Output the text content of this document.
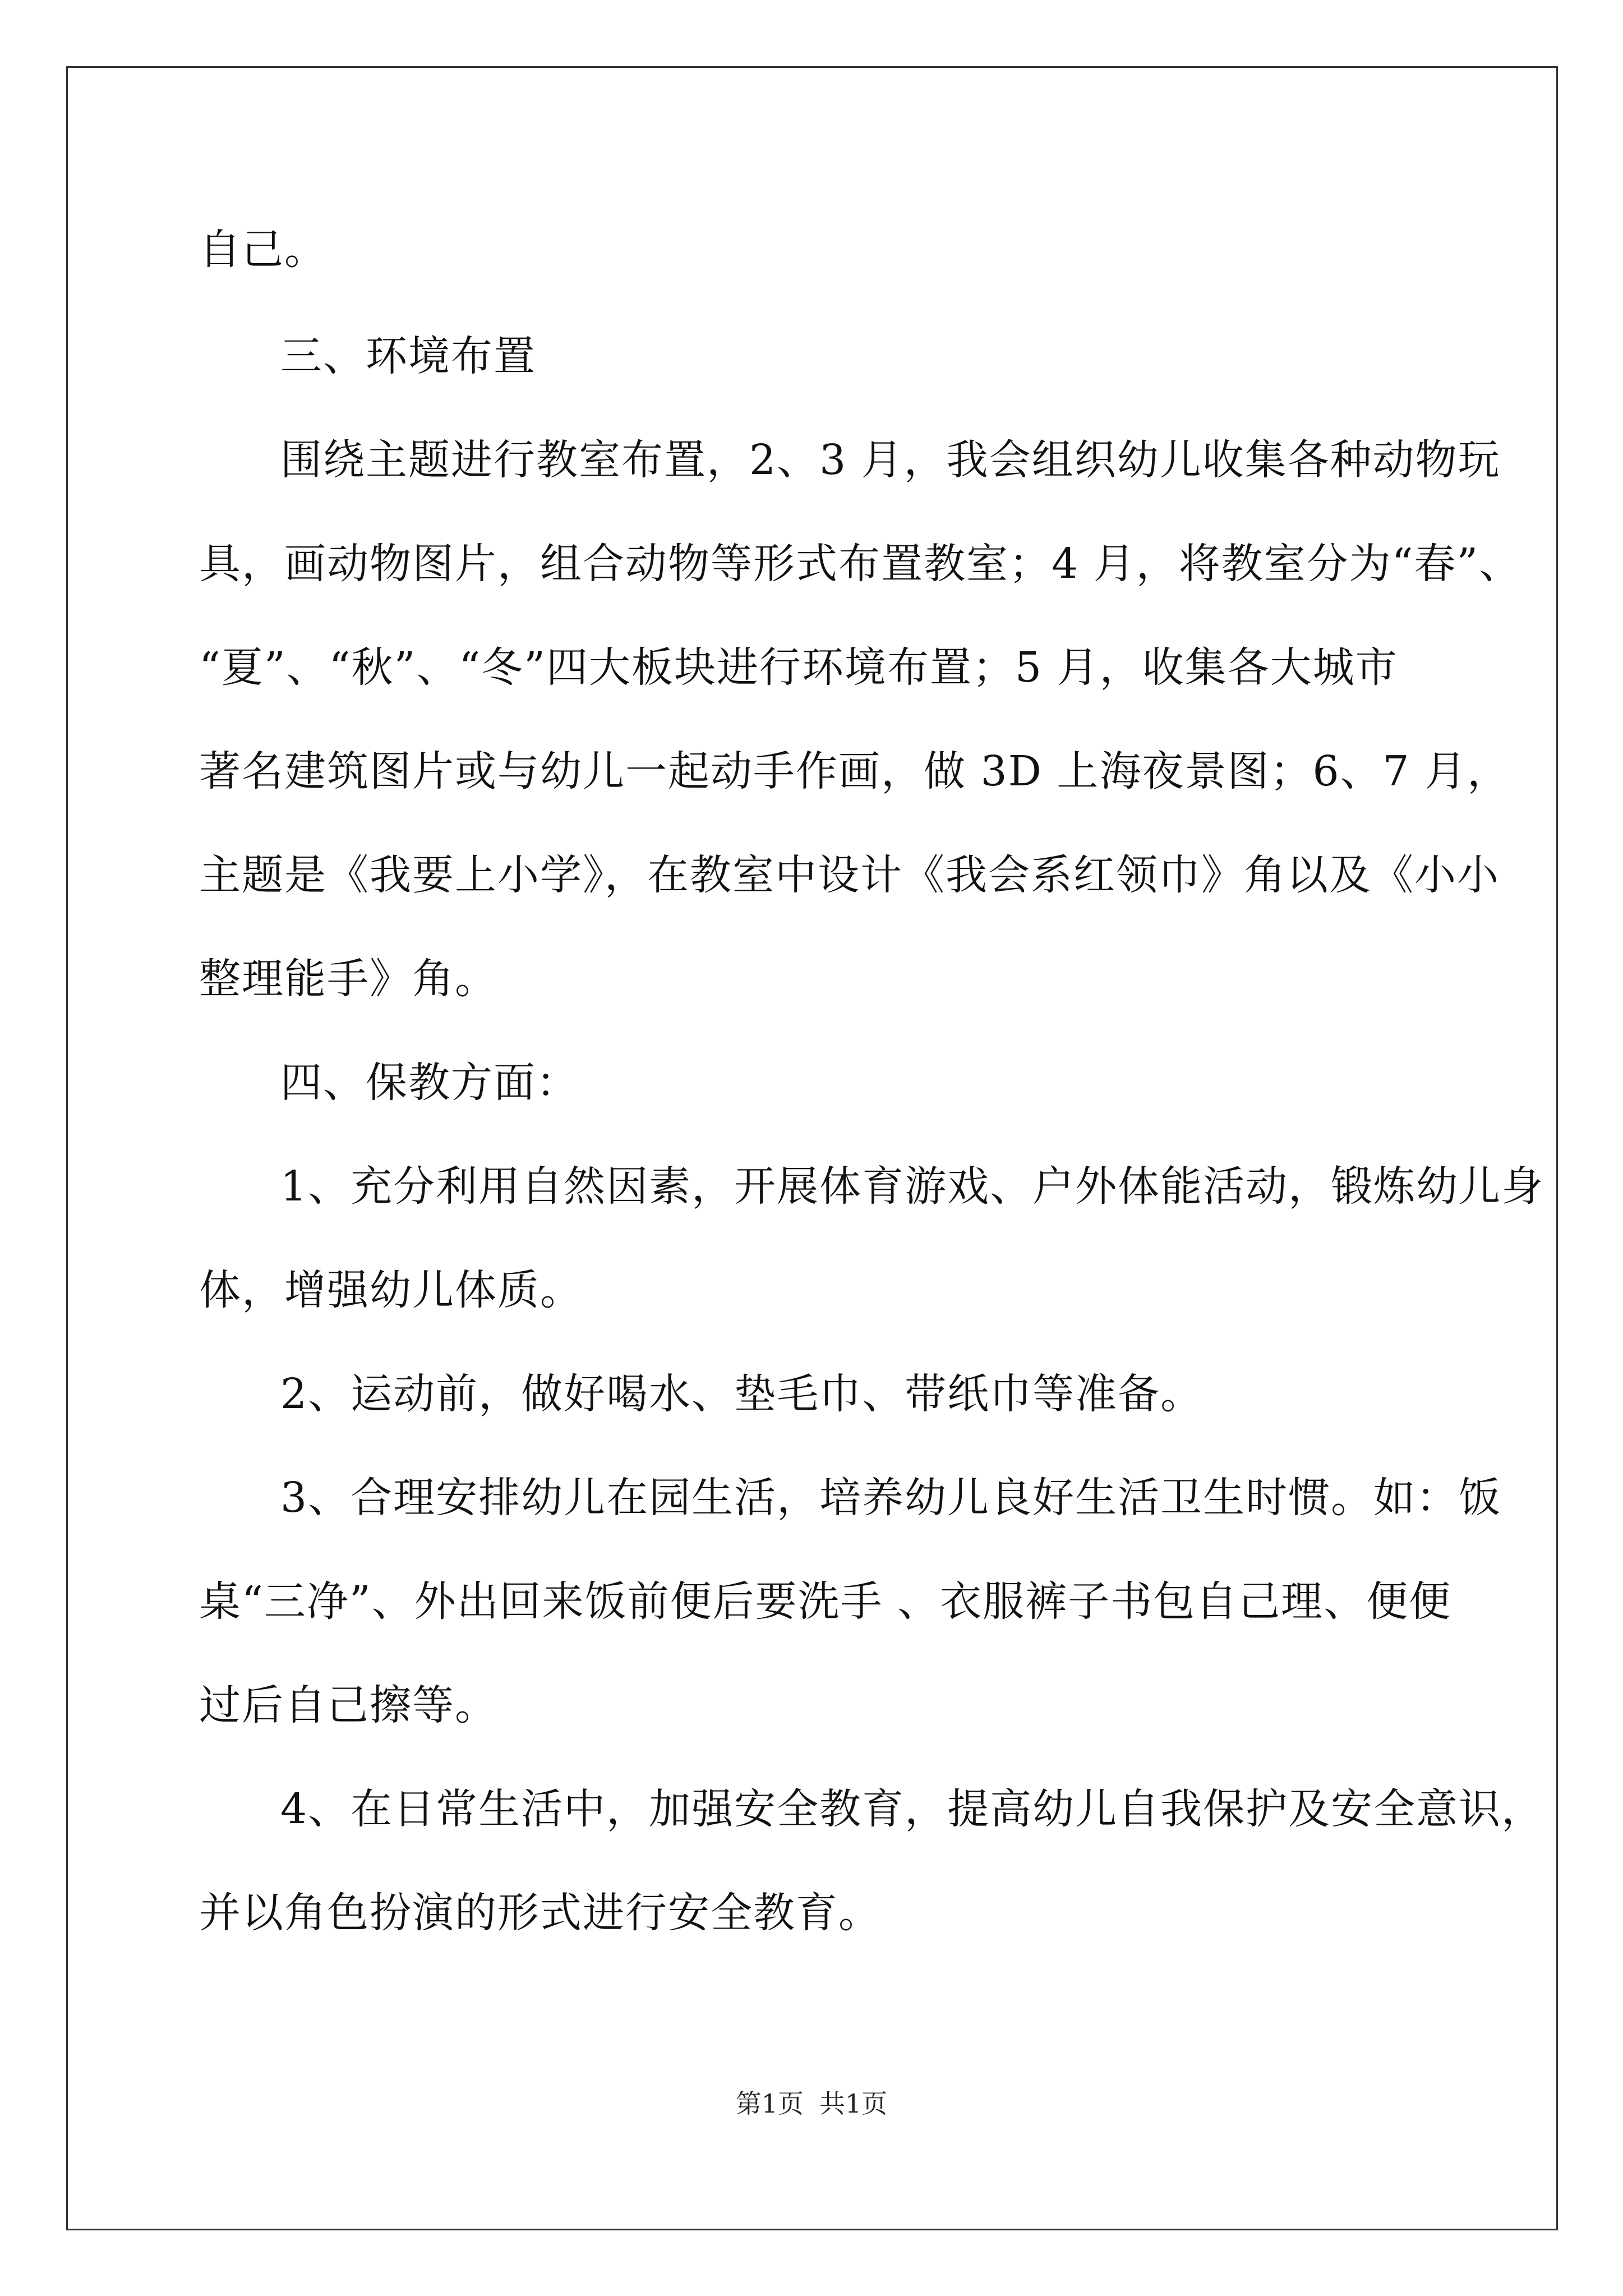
自己。
三、环境布置
围绕主题进行教室布置，2、3 月，我会组织幼儿收集各种动物玩
具，画动物图片，组合动物等形式布置教室；4 月，将教室分为“春”、
“夏”、“秋”、“冬”四大板块进行环境布置；5 月，收集各大城市
著名建筑图片或与幼儿一起动手作画，做 3D 上海夜景图；6、7 月，
主题是《我要上小学》，在教室中设计《我会系红领巾》角以及《小小
整理能手》角。
四、保教方面：
1、充分利用自然因素，开展体育游戏、户外体能活动，锻炼幼儿身
体，增强幼儿体质。
2、运动前，做好喝水、垫毛巾、带纸巾等准备。
3、合理安排幼儿在园生活，培养幼儿良好生活卫生时惯。如：饭
桌“三净”、外出回来饭前便后要洗手 、衣服裤子书包自己理、便便
过后自己擦等。
4、在日常生活中，加强安全教育，提高幼儿自我保护及安全意识，
并以角色扮演的形式进行安全教育。
第1页 共1页
